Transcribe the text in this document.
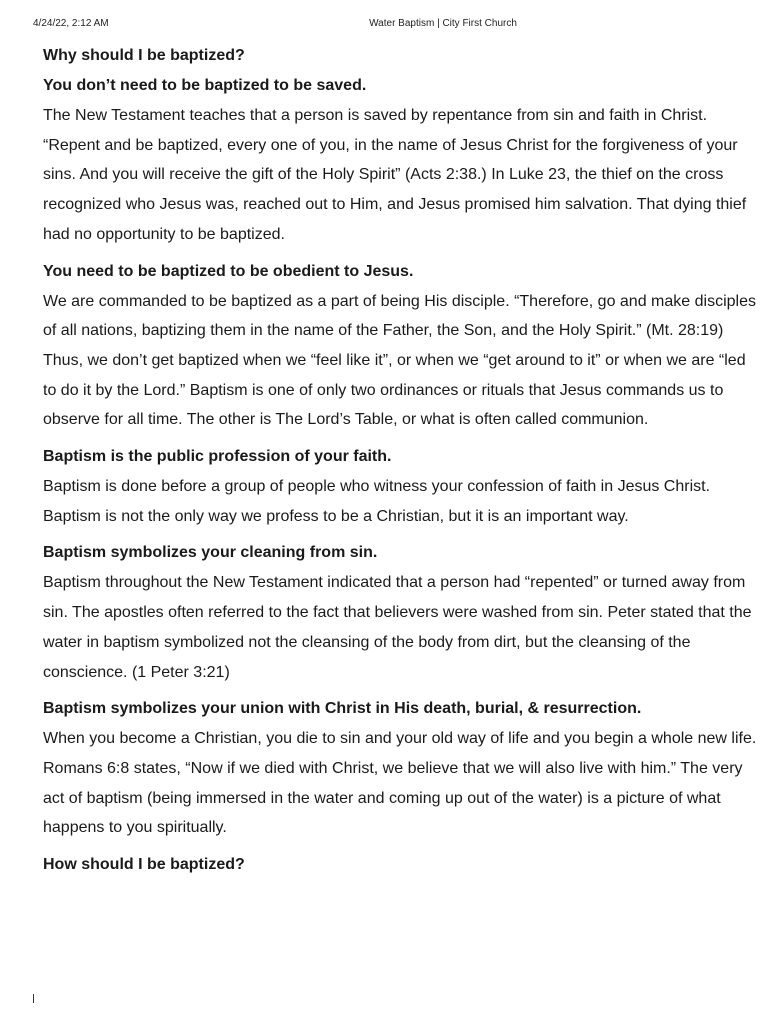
4/24/22, 2:12 AM	Water Baptism | City First Church

Why should I be baptized?

You don’t need to be baptized to be saved.

The New Testament teaches that a person is saved by repentance from sin and faith in Christ. “Repent and be baptized, every one of you, in the name of Jesus Christ for the forgiveness of your sins. And you will receive the gift of the Holy Spirit” (Acts 2:38.) In Luke 23, the thief on the cross recognized who Jesus was, reached out to Him, and Jesus promised him salvation. That dying thief had no opportunity to be baptized.

You need to be baptized to be obedient to Jesus.

We are commanded to be baptized as a part of being His disciple. “Therefore, go and make disciples of all nations, baptizing them in the name of the Father, the Son, and the Holy Spirit.” (Mt. 28:19) Thus, we don’t get baptized when we “feel like it”, or when we “get around to it” or when we are “led to do it by the Lord.” Baptism is one of only two ordinances or rituals that Jesus commands us to observe for all time. The other is The Lord’s Table, or what is often called communion.

Baptism is the public profession of your faith.

Baptism is done before a group of people who witness your confession of faith in Jesus Christ. Baptism is not the only way we profess to be a Christian, but it is an important way.

Baptism symbolizes your cleaning from sin.

Baptism throughout the New Testament indicated that a person had “repented” or turned away from sin. The apostles often referred to the fact that believers were washed from sin. Peter stated that the water in baptism symbolized not the cleansing of the body from dirt, but the cleansing of the conscience. (1 Peter 3:21)

Baptism symbolizes your union with Christ in His death, burial, & resurrection.

When you become a Christian, you die to sin and your old way of life and you begin a whole new life. Romans 6:8 states, “Now if we died with Christ, we believe that we will also live with him.” The very act of baptism (being immersed in the water and coming up out of the water) is a picture of what happens to you spiritually.

How should I be baptized?
